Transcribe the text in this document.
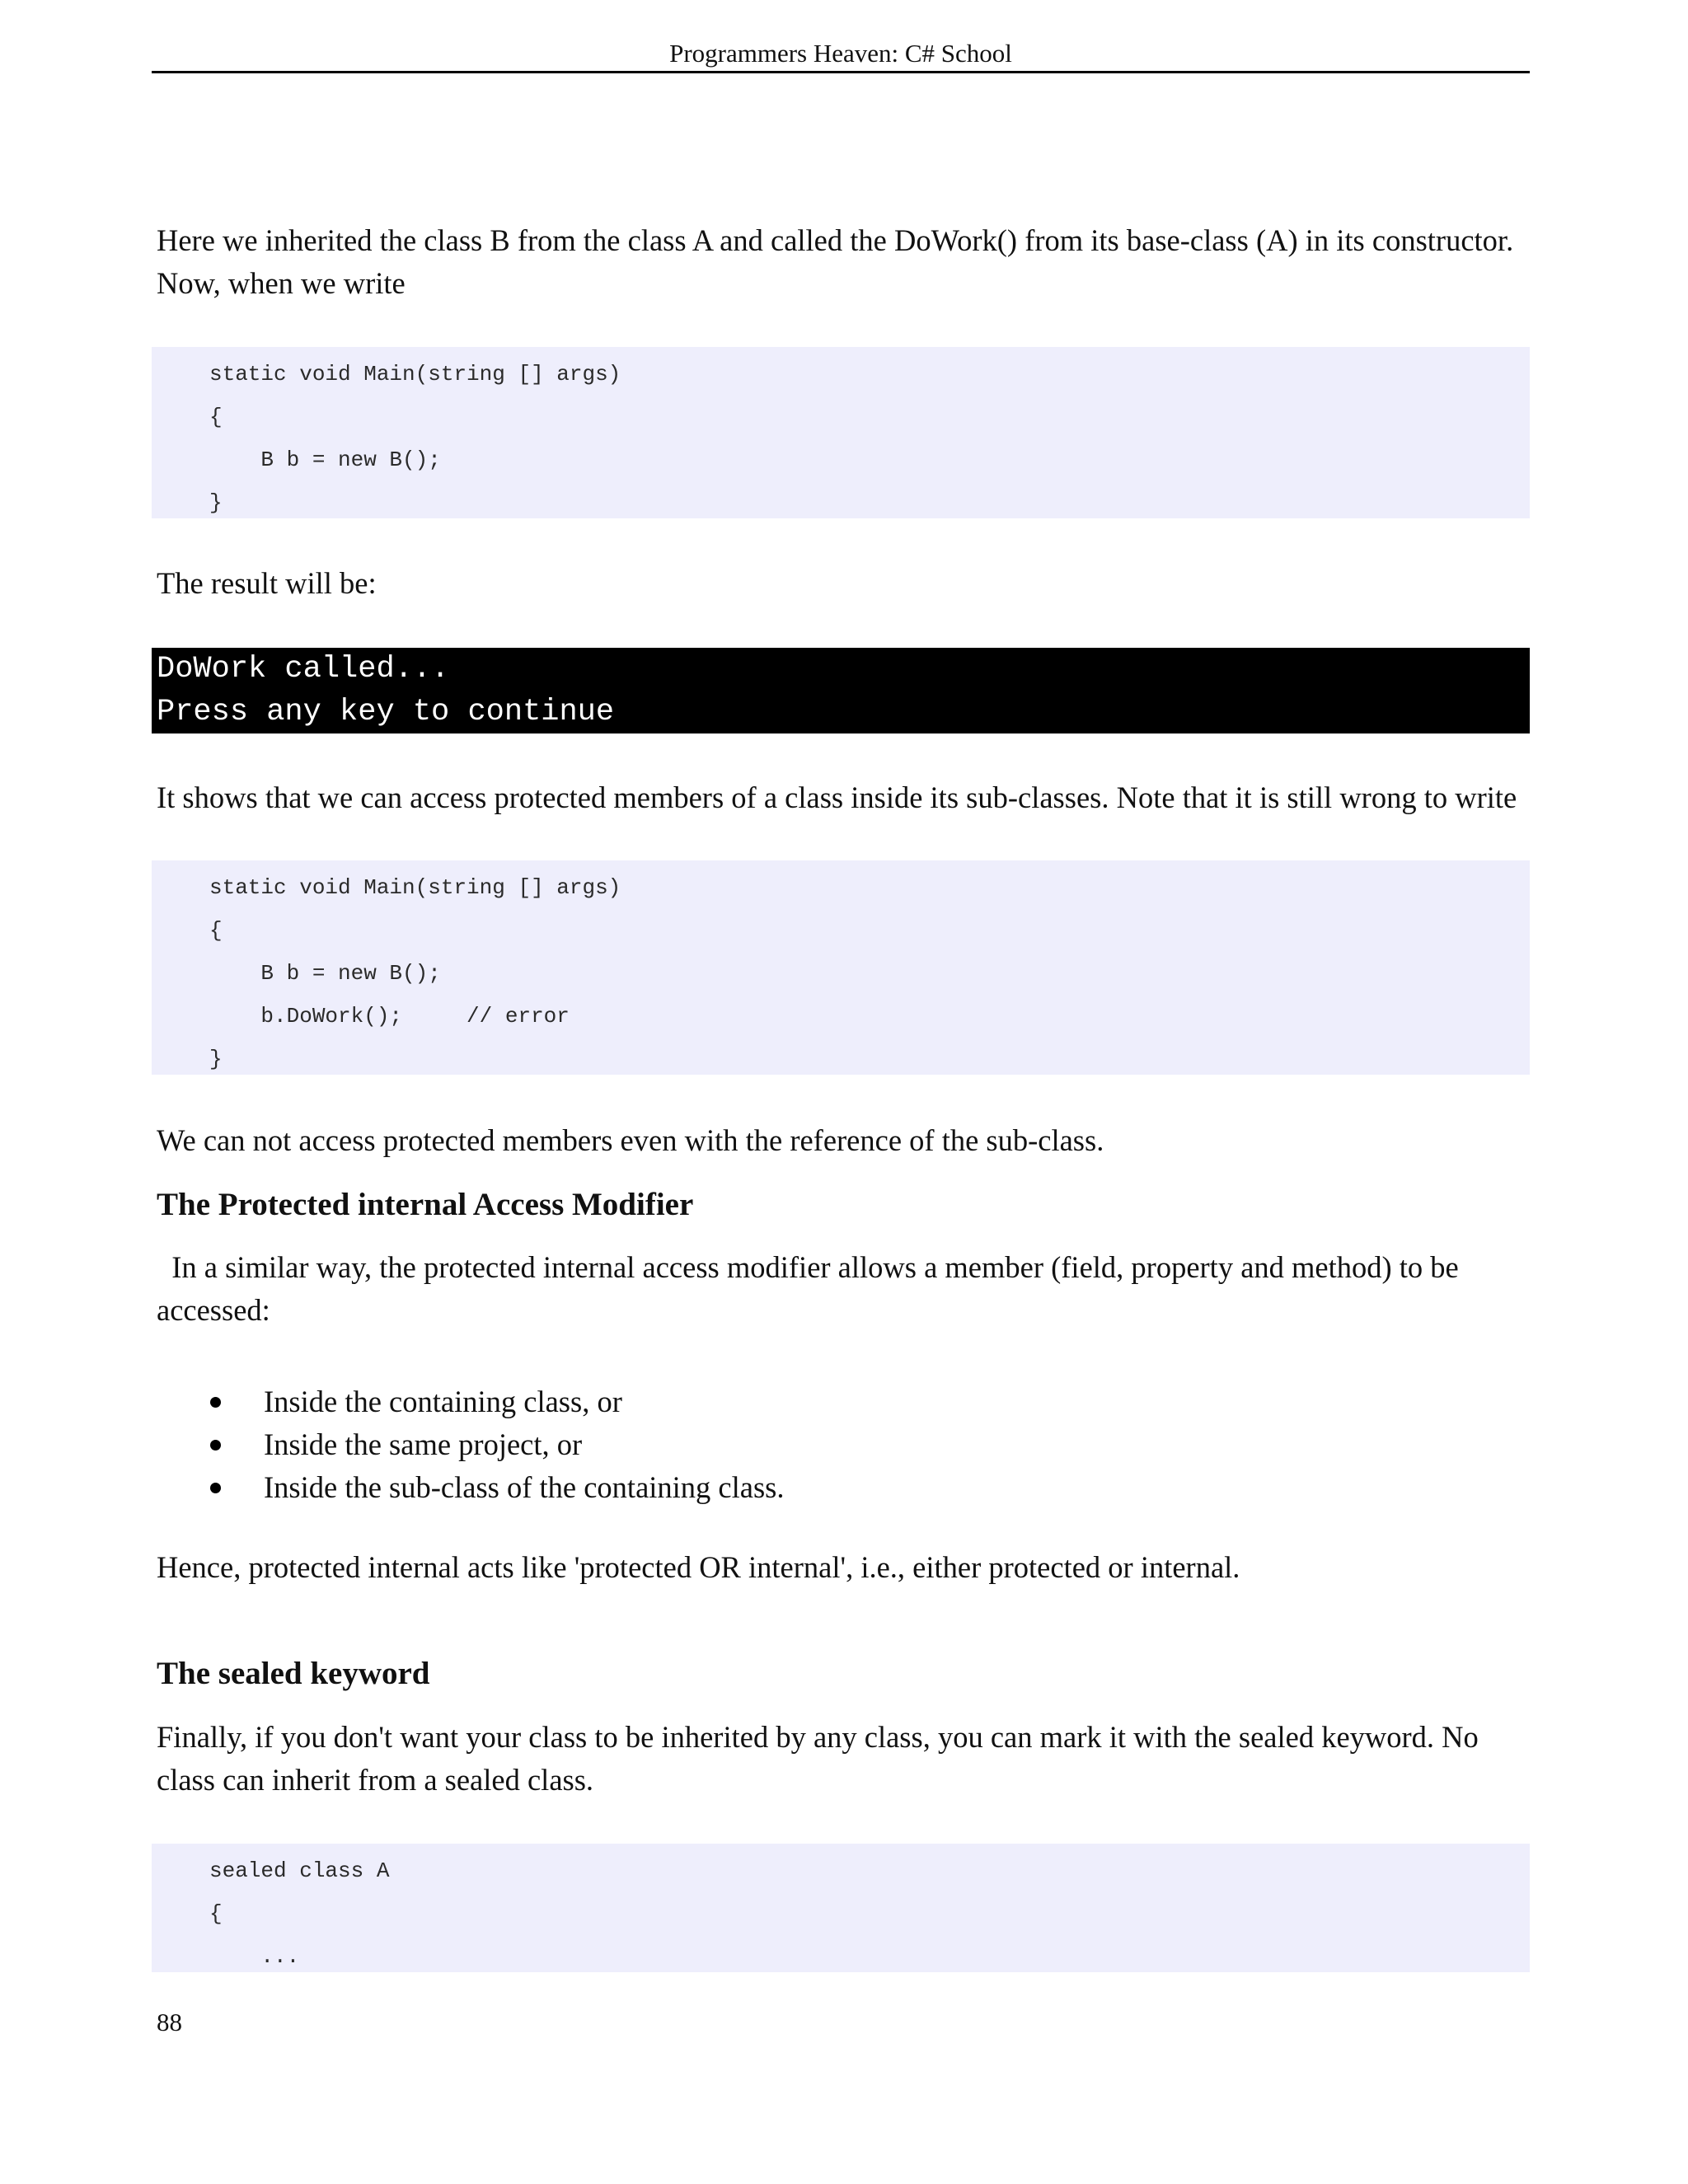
Programmers Heaven: C# School

Here we inherited the class B from the class A and called the DoWork() from its base-class (A) in its constructor. Now, when we write

static void Main(string [] args)
{
B b = new B();
}

The result will be:

DoWork called...
Press any key to continue

It shows that we can access protected members of a class inside its sub-classes. Note that it is still wrong to write

static void Main(string [] args)
{
B b = new B();
b.DoWork();     // error
}

We can not access protected members even with the reference of the sub-class.

The Protected internal Access Modifier

In a similar way, the protected internal access modifier allows a member (field, property and method) to be accessed:

Inside the containing class, or
Inside the same project, or
Inside the sub-class of the containing class.

Hence, protected internal acts like 'protected OR internal', i.e., either protected or internal.

The sealed keyword

Finally, if you don't want your class to be inherited by any class, you can mark it with the sealed keyword. No class can inherit from a sealed class.

sealed class A
{
...
88
